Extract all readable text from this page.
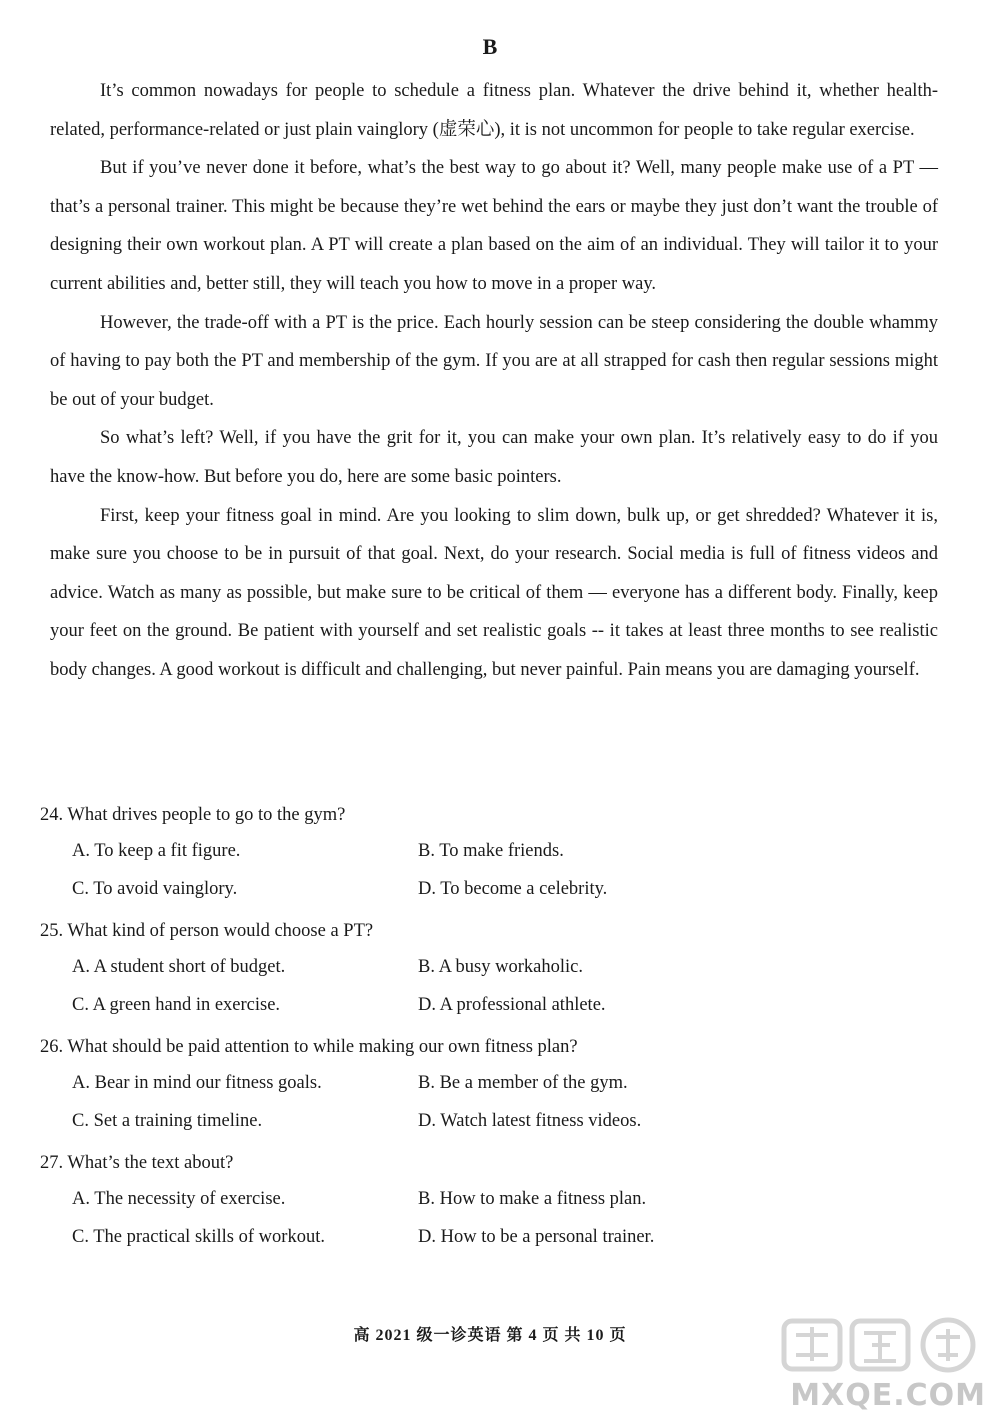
B

It’s common nowadays for people to schedule a fitness plan. Whatever the drive behind it, whether health-related, performance-related or just plain vainglory (虚荣心), it is not uncommon for people to take regular exercise.

But if you’ve never done it before, what’s the best way to go about it? Well, many people make use of a PT — that’s a personal trainer. This might be because they’re wet behind the ears or maybe they just don’t want the trouble of designing their own workout plan. A PT will create a plan based on the aim of an individual. They will tailor it to your current abilities and, better still, they will teach you how to move in a proper way.

However, the trade-off with a PT is the price. Each hourly session can be steep considering the double whammy of having to pay both the PT and membership of the gym. If you are at all strapped for cash then regular sessions might be out of your budget.

So what’s left? Well, if you have the grit for it, you can make your own plan. It’s relatively easy to do if you have the know-how. But before you do, here are some basic pointers.

First, keep your fitness goal in mind. Are you looking to slim down, bulk up, or get shredded? Whatever it is, make sure you choose to be in pursuit of that goal. Next, do your research. Social media is full of fitness videos and advice. Watch as many as possible, but make sure to be critical of them — everyone has a different body. Finally, keep your feet on the ground. Be patient with yourself and set realistic goals -- it takes at least three months to see realistic body changes. A good workout is difficult and challenging, but never painful. Pain means you are damaging yourself.

24. What drives people to go to the gym?
A. To keep a fit figure.	B. To make friends.
C. To avoid vainglory.	D. To become a celebrity.
25. What kind of person would choose a PT?
A. A student short of budget.	B. A busy workaholic.
C. A green hand in exercise.	D. A professional athlete.
26. What should be paid attention to while making our own fitness plan?
A. Bear in mind our fitness goals.	B. Be a member of the gym.
C. Set a training timeline.	D. Watch latest fitness videos.
27. What’s the text about?
A. The necessity of exercise.	B. How to make a fitness plan.
C. The practical skills of workout.	D. How to be a personal trainer.
高 2021 级一诊英语 第 4 页 共 10 页
MXQE.COM
